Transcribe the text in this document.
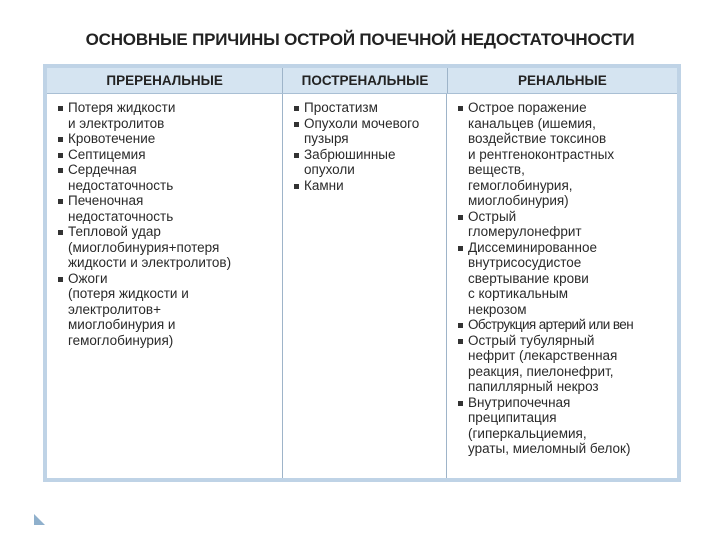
ОСНОВНЫЕ ПРИЧИНЫ ОСТРОЙ ПОЧЕЧНОЙ НЕДОСТАТОЧНОСТИ
ПРЕРЕНАЛЬНЫЕ	ПОСТРЕНАЛЬНЫЕ	РЕНАЛЬНЫЕ
Потеря жидкости
и электролитов
Кровотечение
Септицемия
Сердечная
недостаточность
Печеночная
недостаточность
Тепловой удар
(миоглобинурия+потеря
жидкости и электролитов)
Ожоги
(потеря жидкости и
электролитов+
миоглобинурия и
гемоглобинурия)
Простатизм
Опухоли мочевого
пузыря
Забрюшинные
опухоли
Камни
Острое поражение
канальцев (ишемия,
воздействие токсинов
и рентгеноконтрастных
веществ,
гемоглобинурия,
миоглобинурия)
Острый
гломерулонефрит
Диссеминированное
внутрисосудистое
свертывание крови
с кортикальным
некрозом
Обструкция артерий или вен
Острый тубулярный
нефрит (лекарственная
реакция, пиелонефрит,
папиллярный некроз
Внутрипочечная
преципитация
(гиперкальциемия,
ураты, миеломный белок)
